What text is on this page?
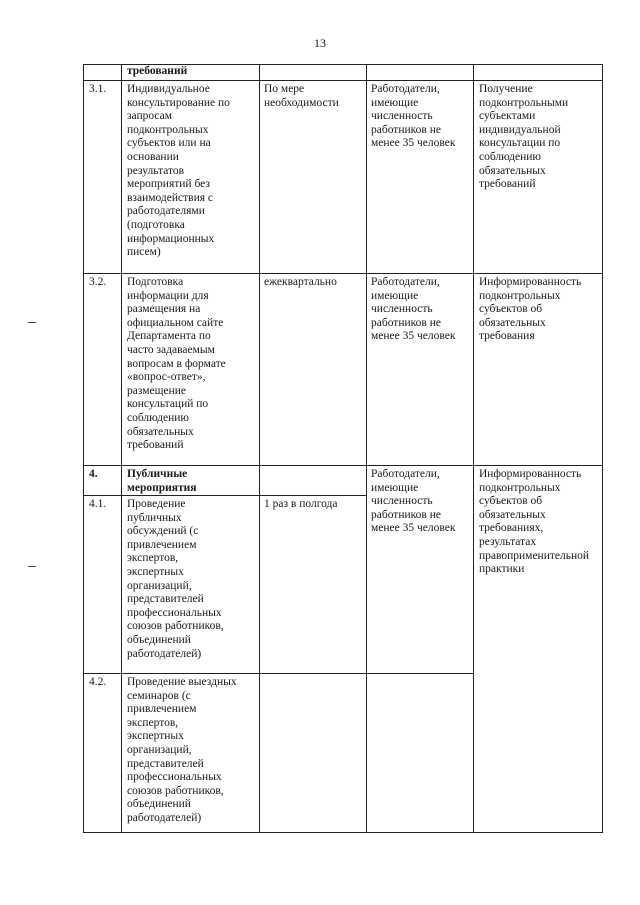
13
требований
3.1. Индивидуальное
консультирование по
запросам
подконтрольных
субъектов или на
основании
результатов
мероприятий без
взаимодействия с
работодателями
(подготовка
информационных
писем)
По мере
необходимости
Работодатели,
имеющие
численность
работников не
менее 35 человек
Получение
подконтрольными
субъектами
индивидуальной
консультации по
соблюдению
обязательных
требований
3.2. Подготовка
информации для
размещения на
официальном сайте
Департамента по
часто задаваемым
вопросам в формате
«вопрос-ответ»,
размещение
консультаций по
соблюдению
обязательных
требований
ежеквартально	Работодатели,
имеющие
численность
работников не
менее 35 человек
Информированность
подконтрольных
субъектов об
обязательных
требования
4.	Публичные
мероприятия
Работодатели,
имеющие
численность
работников не
менее 35 человек
Информированность
подконтрольных
субъектов об
обязательных
требованиях,
результатах
правоприменительной
практики
4.1. Проведение
публичных
обсуждений (с
привлечением
экспертов,
экспертных
организаций,
представителей
профессиональных
союзов работников,
объединений
работодателей)
1 раз в полгода
4.2. Проведение выездных
семинаров (с
привлечением
экспертов,
экспертных
организаций,
представителей
профессиональных
союзов работников,
объединений
работодателей)
